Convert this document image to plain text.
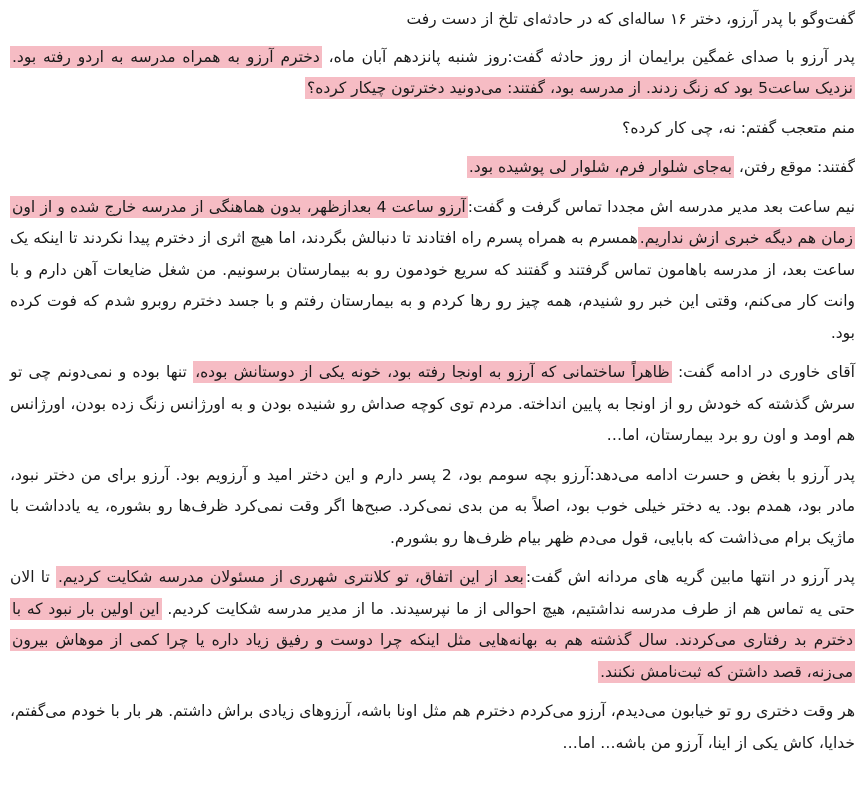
گفت‌وگو با پدر آرزو، دختر ۱۶ ساله‌ای که در حادثه‌ای تلخ از دست رفت

پدر آرزو با صدای غمگین برایمان از روز حادثه گفت:روز شنبه پانزدهم آبان ماه، دخترم آرزو به همراه مدرسه به اردو رفته بود. نزدیک ساعت5 بود که زنگ زدند. از مدرسه بود، گفتند: می‌دونید دخترتون چیکار کرده؟

منم متعجب گفتم: نه، چی کار کرده؟

گفتند: موقع رفتن، به‌جای شلوار فرم، شلوار لی پوشیده بود.

نیم ساعت بعد مدیر مدرسه اش مجددا تماس گرفت و گفت:آرزو ساعت 4 بعدازظهر، بدون هماهنگی از مدرسه خارج شده و از اون زمان هم دیگه خبری ازش نداریم.همسرم به همراه پسرم راه افتادند تا دنبالش بگردند، اما هیچ اثری از دخترم پیدا نکردند تا اینکه یک ساعت بعد، از مدرسه باهامون تماس گرفتند و گفتند که سریع خودمون رو به بیمارستان برسونیم. من شغل ضایعات آهن دارم و با وانت کار می‌کنم، وقتی این خبر رو شنیدم، همه چیز رو رها کردم و به بیمارستان رفتم و با جسد دخترم روبرو شدم که فوت کرده بود.

آقای خاوری در ادامه گفت: ظاهراً ساختمانی که آرزو به اونجا رفته بود، خونه یکی از دوستانش بوده، تنها بوده و نمی‌دونم چی تو سرش گذشته که خودش رو از اونجا به پایین انداخته. مردم توی کوچه صداش رو شنیده بودن و به اورژانس زنگ زده بودن، اورژانس هم اومد و اون رو برد بیمارستان، اما…

پدر آرزو با بغض و حسرت ادامه می‌دهد:آرزو بچه سومم بود، 2 پسر دارم و این دختر امید و آرزویم بود. آرزو برای من دختر نبود، مادر بود، همدم بود. یه دختر خیلی خوب بود، اصلاً به من بدی نمی‌کرد. صبح‌ها اگر وقت نمی‌کرد ظرف‌ها رو بشوره، یه یادداشت با ماژیک برام می‌ذاشت که بابایی، قول می‌دم ظهر بیام ظرف‌ها رو بشورم.

پدر آرزو در انتها مابین گریه های مردانه اش گفت:بعد از این اتفاق، تو کلانتری شهرری از مسئولان مدرسه شکایت کردیم. تا الان حتی یه تماس هم از طرف مدرسه نداشتیم، هیچ احوالی از ما نپرسیدند. ما از مدیر مدرسه شکایت کردیم. این اولین بار نبود که با دخترم بد رفتاری می‌کردند. سال گذشته هم به بهانه‌هایی مثل اینکه چرا دوست و رفیق زیاد داره یا چرا کمی از موهاش بیرون می‌زنه، قصد داشتن که ثبت‌نامش نکنند.

هر وقت دختری رو تو خیابون می‌دیدم، آرزو می‌کردم دخترم هم مثل اونا باشه، آرزوهای زیادی براش داشتم. هر بار با خودم می‌گفتم، خدایا، کاش یکی از اینا، آرزو من باشه… اما…
